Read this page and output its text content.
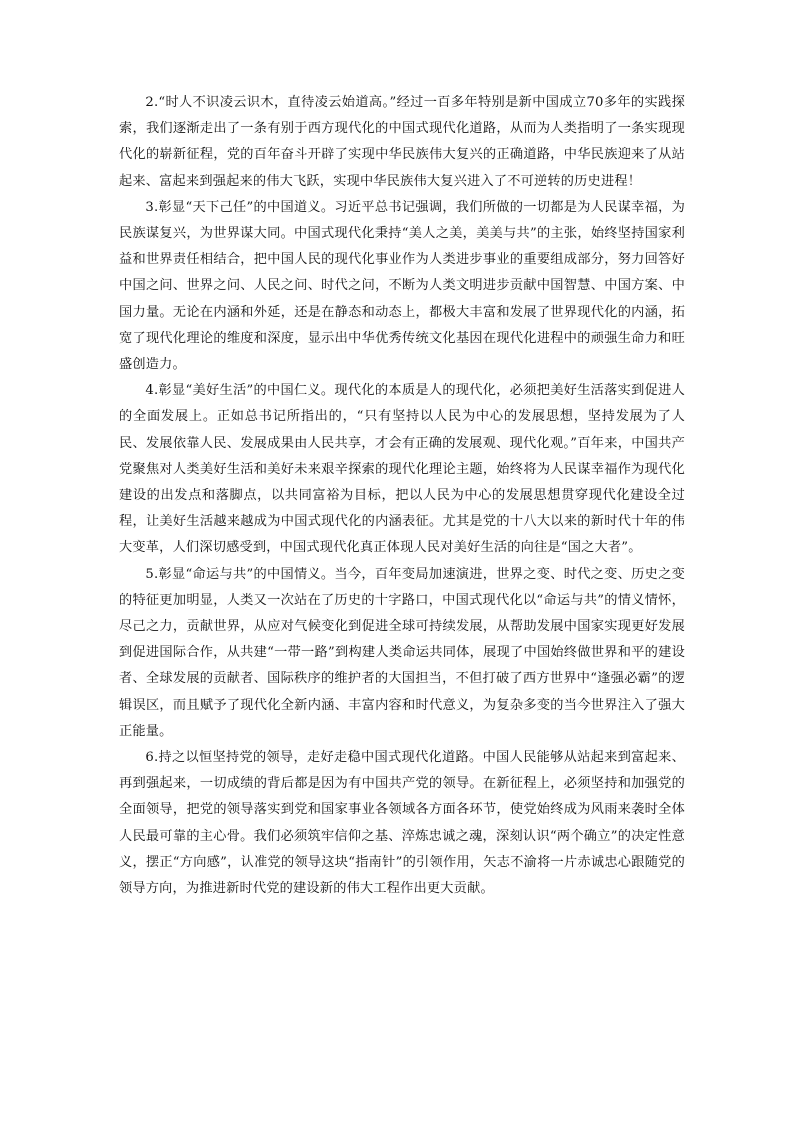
2.“时人不识凌云识木，直待凌云始道高。”经过一百多年特别是新中国成立70多年的实践探索，我们逐渐走出了一条有别于西方现代化的中国式现代化道路，从而为人类指明了一条实现现代化的崭新征程，党的百年奋斗开辟了实现中华民族伟大复兴的正确道路，中华民族迎来了从站起来、富起来到强起来的伟大飞跃，实现中华民族伟大复兴进入了不可逆转的历史进程！

3.彰显“天下己任”的中国道义。习近平总书记强调，我们所做的一切都是为人民谋幸福，为民族谋复兴，为世界谋大同。中国式现代化秉持“美人之美，美美与共”的主张，始终坚持国家利益和世界责任相结合，把中国人民的现代化事业作为人类进步事业的重要组成部分，努力回答好中国之问、世界之问、人民之问、时代之问，不断为人类文明进步贡献中国智慧、中国方案、中国力量。无论在内涵和外延，还是在静态和动态上，都极大丰富和发展了世界现代化的内涵，拓宽了现代化理论的维度和深度，显示出中华优秀传统文化基因在现代化进程中的顽强生命力和旺盛创造力。

4.彰显“美好生活”的中国仁义。现代化的本质是人的现代化，必须把美好生活落实到促进人的全面发展上。正如总书记所指出的，“只有坚持以人民为中心的发展思想，坚持发展为了人民、发展依靠人民、发展成果由人民共享，才会有正确的发展观、现代化观。”百年来，中国共产党聚焦对人类美好生活和美好未来艰辛探索的现代化理论主题，始终将为人民谋幸福作为现代化建设的出发点和落脚点，以共同富裕为目标，把以人民为中心的发展思想贯穿现代化建设全过程，让美好生活越来越成为中国式现代化的内涵表征。尤其是党的十八大以来的新时代十年的伟大变革，人们深切感受到，中国式现代化真正体现人民对美好生活的向往是“国之大者”。

5.彰显“命运与共”的中国情义。当今，百年变局加速演进，世界之变、时代之变、历史之变的特征更加明显，人类又一次站在了历史的十字路口，中国式现代化以“命运与共”的情义情怀，尽己之力，贡献世界，从应对气候变化到促进全球可持续发展，从帮助发展中国家实现更好发展到促进国际合作，从共建“一带一路”到构建人类命运共同体，展现了中国始终做世界和平的建设者、全球发展的贡献者、国际秩序的维护者的大国担当，不但打破了西方世界中“逢强必霸”的逻辑误区，而且赋予了现代化全新内涵、丰富内容和时代意义，为复杂多变的当今世界注入了强大正能量。

6.持之以恒坚持党的领导，走好走稳中国式现代化道路。中国人民能够从站起来到富起来、再到强起来，一切成绩的背后都是因为有中国共产党的领导。在新征程上，必须坚持和加强党的全面领导，把党的领导落实到党和国家事业各领域各方面各环节，使党始终成为风雨来袭时全体人民最可靠的主心骨。我们必须筑牢信仰之基、淬炼忠诚之魂，深刻认识“两个确立”的决定性意义，摆正“方向感”，认准党的领导这块“指南针”的引领作用，矢志不渝将一片赤诚忠心跟随党的领导方向，为推进新时代党的建设新的伟大工程作出更大贡献。
